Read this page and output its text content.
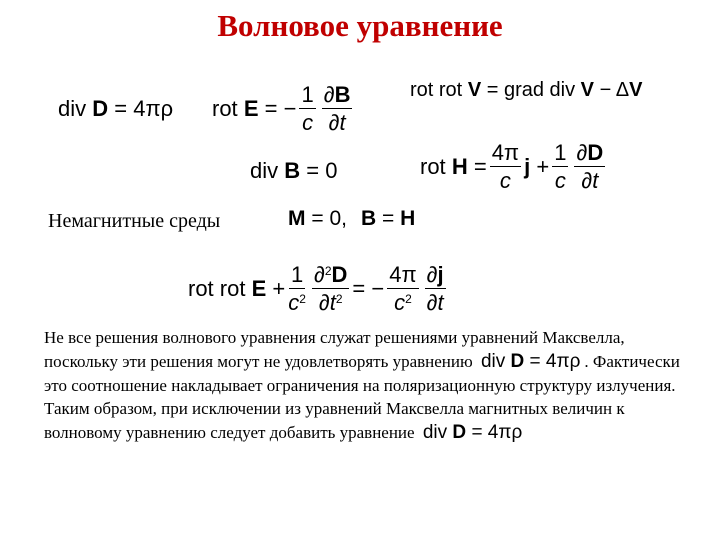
Волновое уравнение
div
D
= 4πρ rot
E
= − $\frac{1}{c} \frac{\partial B}{\partial t}$
div
B
= 0
rot rot
V
= grad div
V
− Δ V
rot
H
= $\frac{4\pi}{c}$ j
+ $\frac{1}{c} \frac{\partial D}{\partial t}$
Немагнитные среды	M
= 0, B
=
H
rot rot
E
+ $\frac{1}{c^2} \frac{\partial^2D}{\partial t^2}$ = − $\frac{4\pi}{c^2} \frac{\partial j}{\partial t}$
Не все решения волнового уравнения служат решениями уравнений Максвелла, поскольку эти решения могут не удовлетворять уравнению div D = 4πρ . Фактически это соотношение накладывает ограничения на поляризационную структуру излучения. Таким образом, при исключении из уравнений Максвелла магнитных величин к волновому уравнению следует добавить уравнение div D = 4πρ
